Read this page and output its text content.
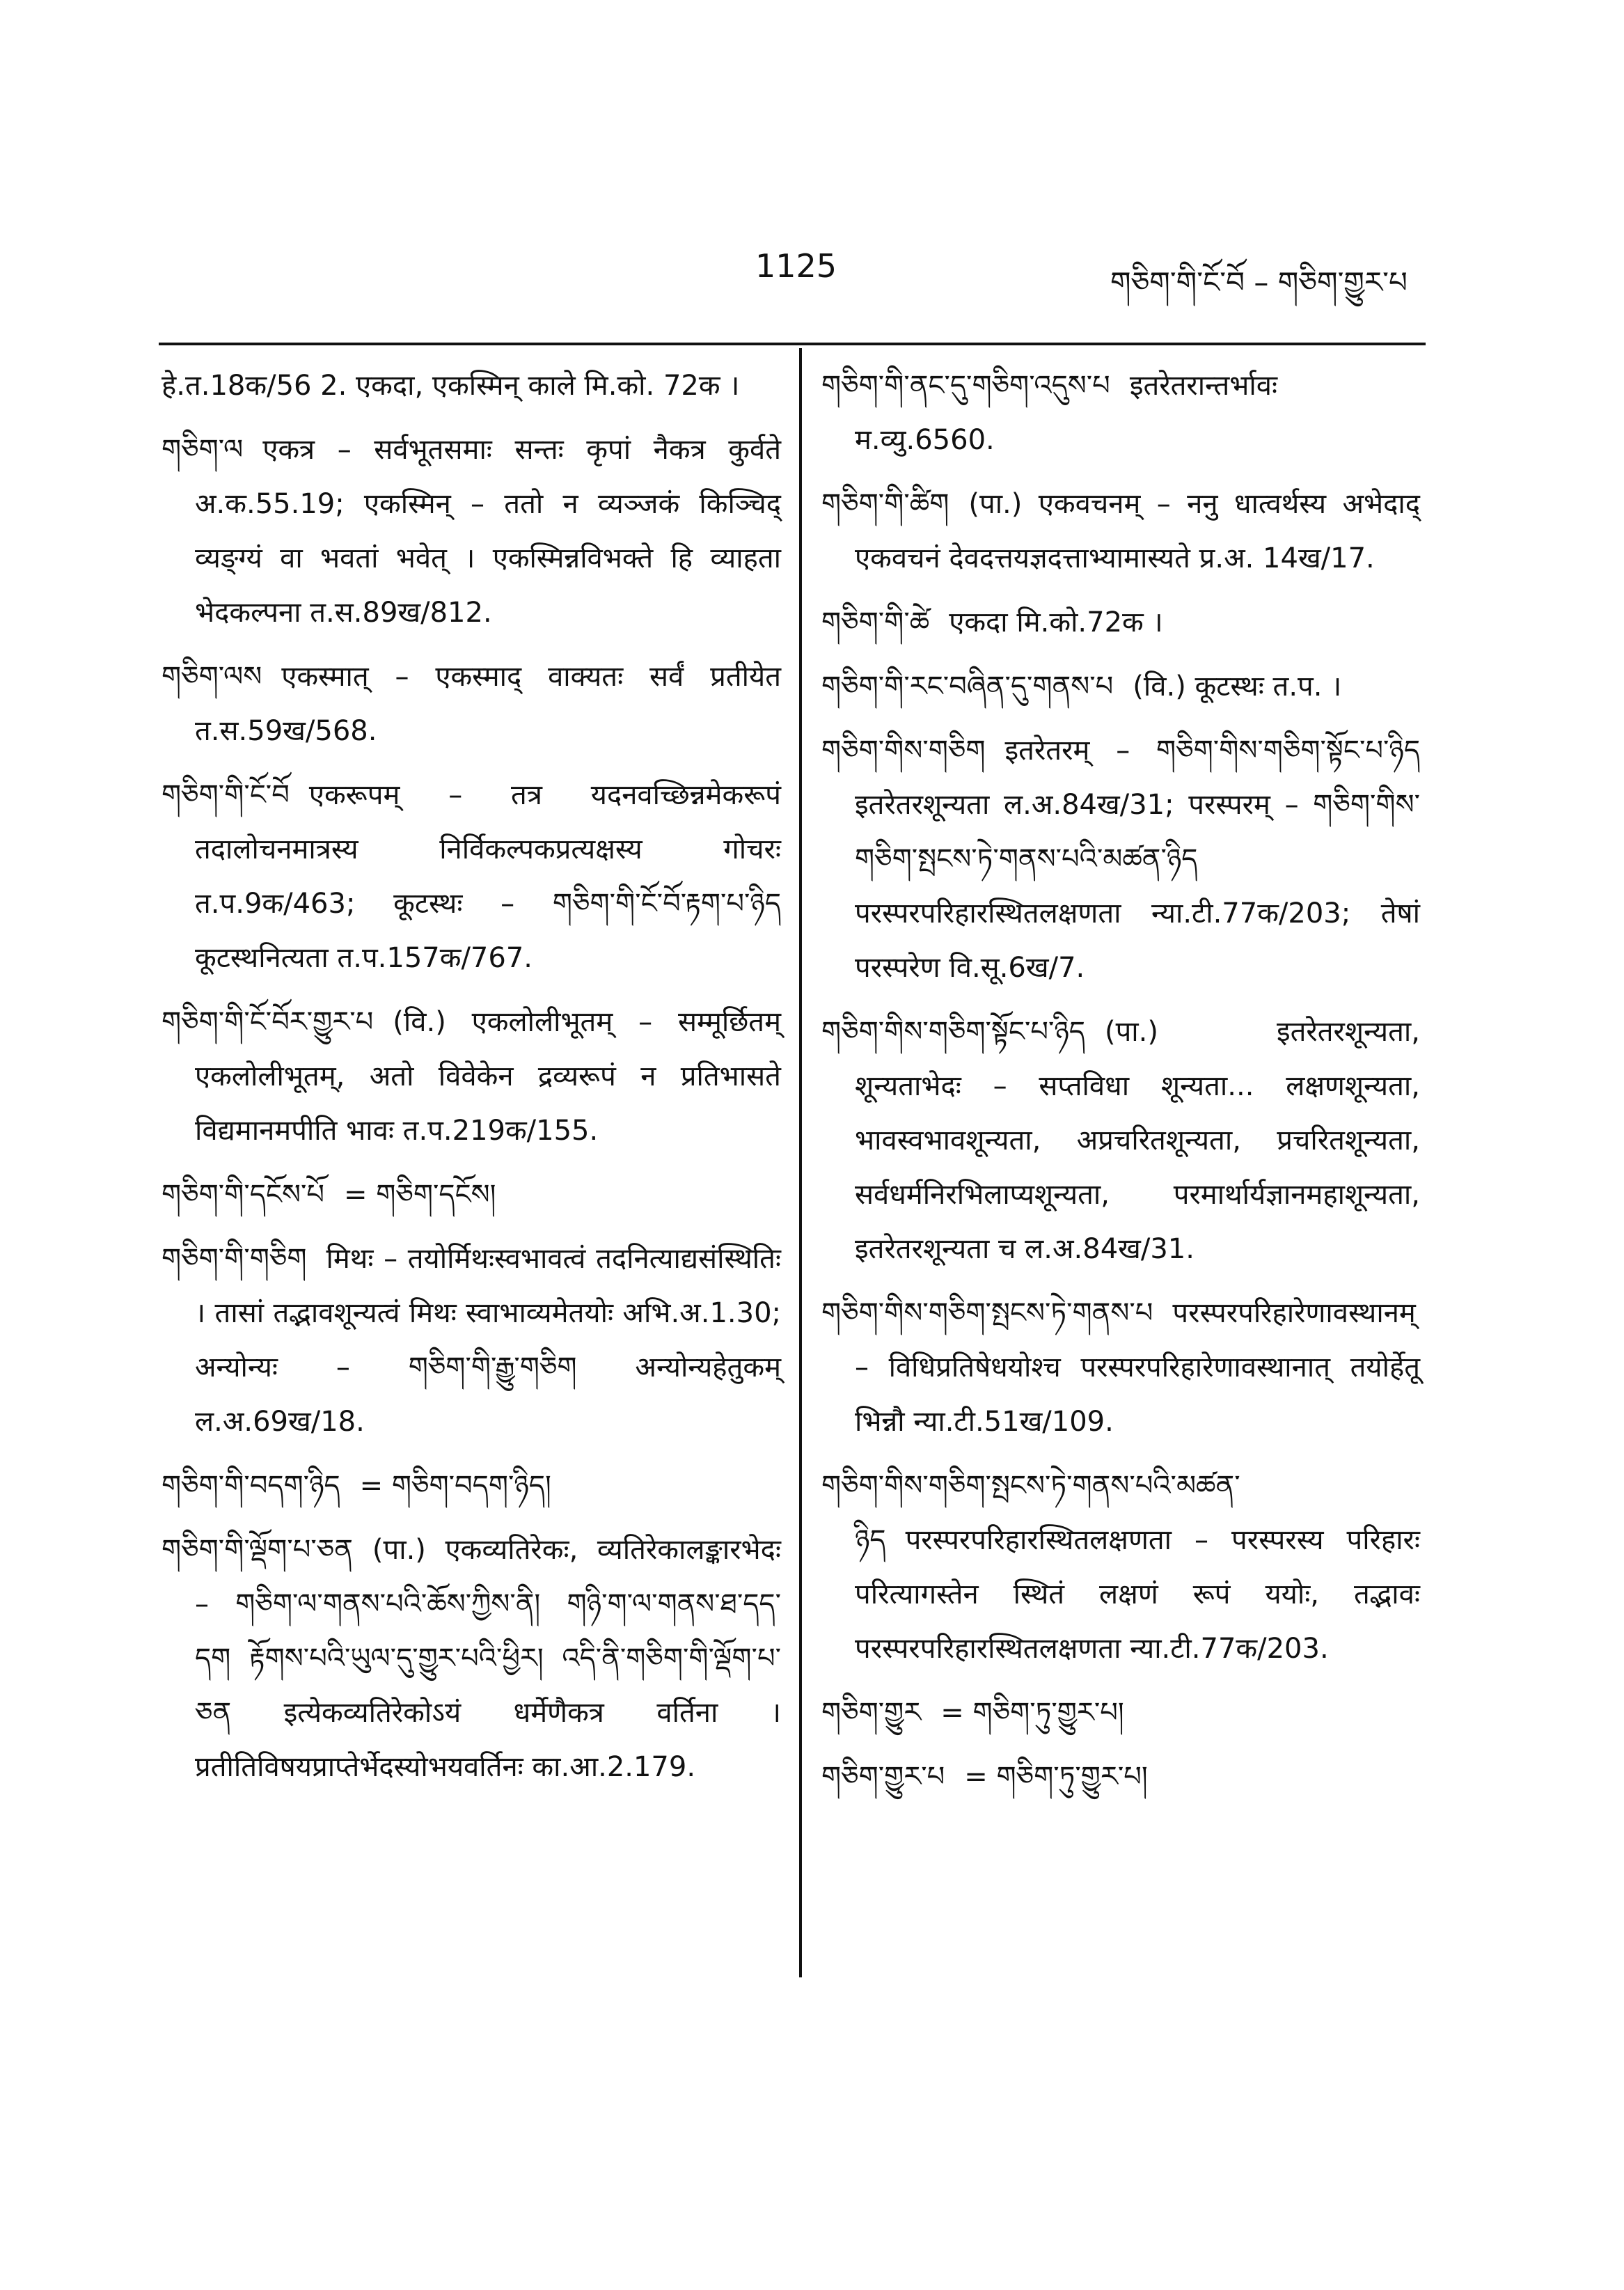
1125	གཅིག་གི་ངོ་བོ – གཅིག་གྱུར་པ
हे.त.18क/56 2. एकदा, एकस्मिन् काले मि.को. 72क ।
གཅིག་ལ एकत्र – सर्वभूतसमाः सन्तः कृपां नैकत्र कुर्वते अ.क.55.19; एकस्मिन् – ततो न व्यञ्जकं किञ्चिद् व्यङ्ग्यं वा भवतां भवेत् । एकस्मिन्नविभक्ते हि व्याहता भेदकल्पना त.स.89ख/812.
གཅིག་ལས एकस्मात् – एकस्माद् वाक्यतः सर्वं प्रतीयेत त.स.59ख/568.
གཅིག་གི་ངོ་བོ एकरूपम् – तत्र यदनवच्छिन्नमेकरूपं तदालोचनमात्रस्य निर्विकल्पकप्रत्यक्षस्य गोचरः त.प.9क/463; कूटस्थः – གཅིག་གི་ངོ་བོ་རྟག་པ་ཉིད कूटस्थनित्यता त.प.157क/767.
གཅིག་གི་ངོ་བོར་གྱུར་པ (वि.) एकलोलीभूतम् – सम्मूर्छितम् एकलोलीभूतम्, अतो विवेकेन द्रव्यरूपं न प्रतिभासते विद्यमानमपीति भावः त.प.219क/155.
གཅིག་གི་དངོས་པོ = གཅིག་དངོས།
གཅིག་གི་གཅིག मिथः – तयोर्मिथःस्वभावत्वं तदनित्याद्यसंस्थितिः । तासां तद्भावशून्यत्वं मिथः स्वाभाव्यमेतयोः अभि.अ.1.30; अन्योन्यः – གཅིག་གི་རྒྱུ་གཅིག अन्योन्यहेतुकम् ल.अ.69ख/18.
གཅིག་གི་བདག་ཉིད = གཅིག་བདག་ཉིད།
གཅིག་གི་ལྡོག་པ་ཅན (पा.) एकव्यतिरेकः, व्यतिरेकालङ्कारभेदः – གཅིག་ལ་གནས་པའི་ཆོས་ཀྱིས་ནི། གཉི་ག་ལ་གནས་ཐ་དད་དག རྟོགས་པའི་ཡུལ་དུ་གྱུར་པའི་ཕྱིར། འདི་ནི་གཅིག་གི་ལྡོག་པ་ཅན इत्येकव्यतिरेकोऽयं धर्मेणैकत्र वर्तिना । प्रतीतिविषयप्राप्तेर्भेदस्योभयवर्तिनः का.आ.2.179.
གཅིག་གི་ནང་དུ་གཅིག་འདུས་པ इतरेतरान्तर्भावः म.व्यु.6560.
གཅིག་གི་ཚིག (पा.) एकवचनम् – ननु धात्वर्थस्य अभेदाद् एकवचनं देवदत्तयज्ञदत्ताभ्यामास्यते प्र.अ. 14ख/17.
གཅིག་གི་ཚེ एकदा मि.को.72क ।
གཅིག་གི་རང་བཞིན་དུ་གནས་པ (वि.) कूटस्थः त.प. ।
གཅིག་གིས་གཅིག इतरेतरम् – གཅིག་གིས་གཅིག་སྟོང་པ་ཉིད इतरेतरशून्यता ल.अ.84ख/31; परस्परम् – གཅིག་གིས་གཅིག་སྤངས་ཏེ་གནས་པའི་མཚན་ཉིད परस्परपरिहारस्थितलक्षणता न्या.टी.77क/203; तेषां परस्परेण वि.सू.6ख/7.
གཅིག་གིས་གཅིག་སྟོང་པ་ཉིད (पा.) इतरेतरशून्यता, शून्यताभेदः – सप्तविधा शून्यता... लक्षणशून्यता, भावस्वभावशून्यता, अप्रचरितशून्यता, प्रचरितशून्यता, सर्वधर्मनिरभिलाप्यशून्यता, परमार्थार्यज्ञानमहाशून्यता, इतरेतरशून्यता च ल.अ.84ख/31.
གཅིག་གིས་གཅིག་སྤངས་ཏེ་གནས་པ परस्परपरिहारेणावस्थानम् – विधिप्रतिषेधयोश्च परस्परपरिहारेणावस्थानात् तयोर्हेतू भिन्नौ न्या.टी.51ख/109.
གཅིག་གིས་གཅིག་སྤངས་ཏེ་གནས་པའི་མཚན་ཉིད परस्परपरिहारस्थितलक्षणता – परस्परस्य परिहारः परित्यागस्तेन स्थितं लक्षणं रूपं ययोः, तद्भावः परस्परपरिहारस्थितलक्षणता न्या.टी.77क/203.
གཅིག་གྱུར = གཅིག་ཏུ་གྱུར་པ།
གཅིག་གྱུར་པ = གཅིག་ཏུ་གྱུར་པ།
